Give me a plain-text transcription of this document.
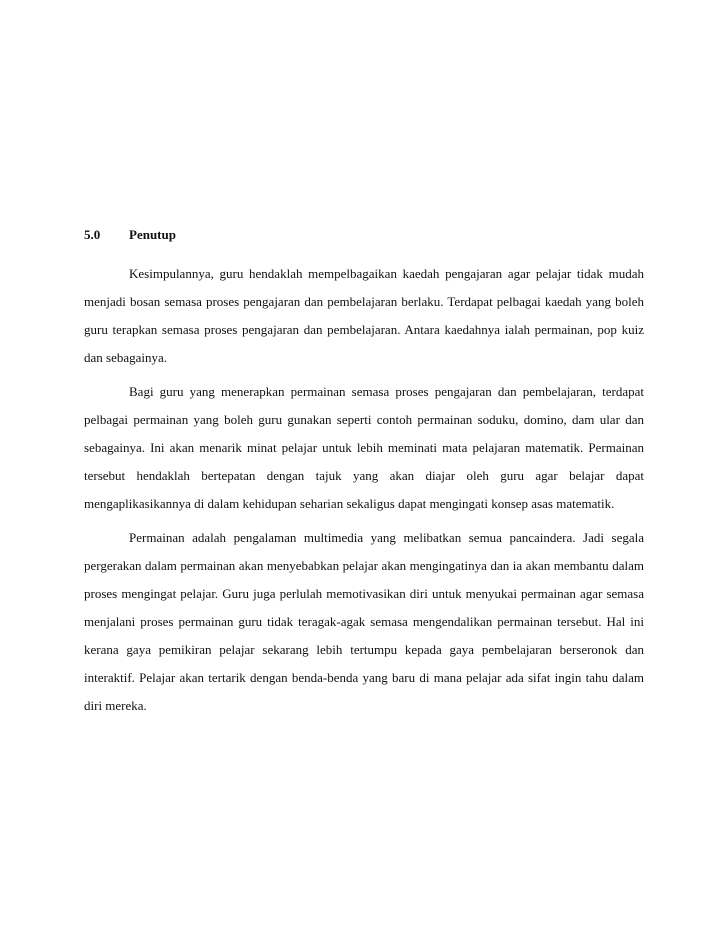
5.0	Penutup

Kesimpulannya, guru hendaklah mempelbagaikan kaedah pengajaran agar pelajar tidak mudah menjadi bosan semasa proses pengajaran dan pembelajaran berlaku. Terdapat pelbagai kaedah yang boleh guru terapkan semasa proses pengajaran dan pembelajaran. Antara kaedahnya ialah permainan, pop kuiz dan sebagainya.

Bagi guru yang menerapkan permainan semasa proses pengajaran dan pembelajaran, terdapat pelbagai permainan yang boleh guru gunakan seperti contoh permainan soduku, domino, dam ular dan sebagainya. Ini akan menarik minat pelajar untuk lebih meminati mata pelajaran matematik. Permainan tersebut hendaklah bertepatan dengan tajuk yang akan diajar oleh guru agar belajar dapat mengaplikasikannya di dalam kehidupan seharian sekaligus dapat mengingati konsep asas matematik.

Permainan adalah pengalaman multimedia yang melibatkan semua pancaindera. Jadi segala pergerakan dalam permainan akan menyebabkan pelajar akan mengingatinya dan ia akan membantu dalam proses mengingat pelajar. Guru juga perlulah memotivasikan diri untuk menyukai permainan agar semasa menjalani proses permainan guru tidak teragak-agak semasa mengendalikan permainan tersebut. Hal ini kerana gaya pemikiran pelajar sekarang lebih tertumpu kepada gaya pembelajaran berseronok dan interaktif. Pelajar akan tertarik dengan benda-benda yang baru di mana pelajar ada sifat ingin tahu dalam diri mereka.
